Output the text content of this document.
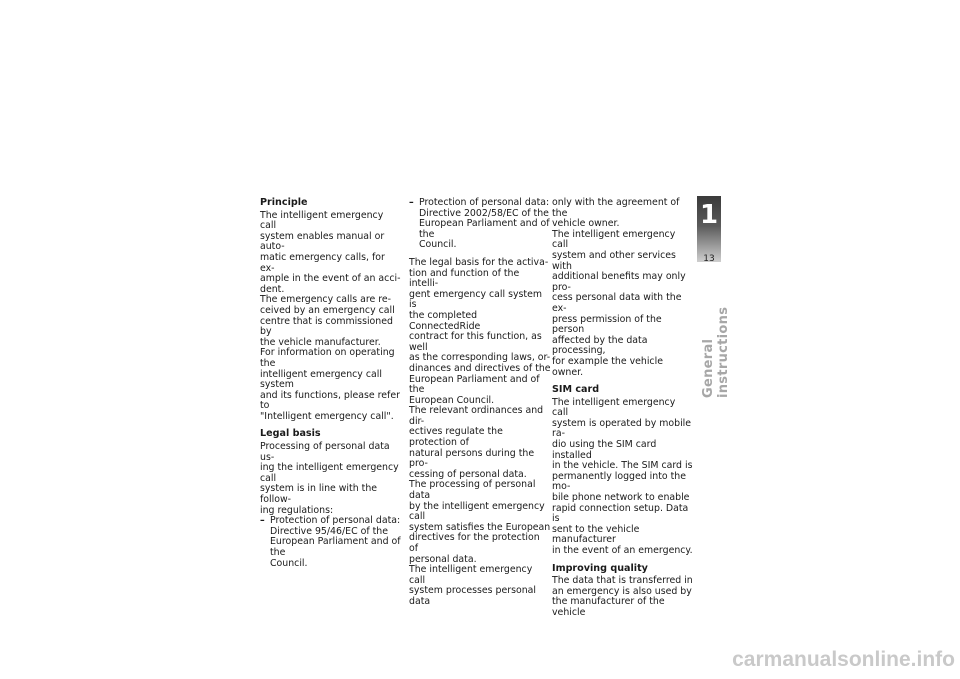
Principle

The intelligent emergency call
system enables manual or auto-
matic emergency calls, for ex-
ample in the event of an acci-
dent.
The emergency calls are re-
ceived by an emergency call
centre that is commissioned by
the vehicle manufacturer.
For information on operating the
intelligent emergency call system
and its functions, please refer to
"Intelligent emergency call".

Legal basis

Processing of personal data us-
ing the intelligent emergency call
system is in line with the follow-
ing regulations:
– Protection of personal data:
Directive 95/46/EC of the
European Parliament and of the
Council.
– Protection of personal data:
Directive 2002/58/EC of the
European Parliament and of the
Council.
The legal basis for the activa-
tion and function of the intelli-
gent emergency call system is
the completed ConnectedRide
contract for this function, as well
as the corresponding laws, or-
dinances and directives of the
European Parliament and of the
European Council.
The relevant ordinances and dir-
ectives regulate the protection of
natural persons during the pro-
cessing of personal data.
The processing of personal data
by the intelligent emergency call
system satisfies the European
directives for the protection of
personal data.
The intelligent emergency call
system processes personal data
only with the agreement of the
vehicle owner.
The intelligent emergency call
system and other services with
additional benefits may only pro-
cess personal data with the ex-
press permission of the person
affected by the data processing,
for example the vehicle owner.

SIM card

The intelligent emergency call
system is operated by mobile ra-
dio using the SIM card installed
in the vehicle. The SIM card is
permanently logged into the mo-
bile phone network to enable
rapid connection setup. Data is
sent to the vehicle manufacturer
in the event of an emergency.

Improving quality

The data that is transferred in
an emergency is also used by
the manufacturer of the vehicle
1
13
General instructions
carmanualsonline.info
